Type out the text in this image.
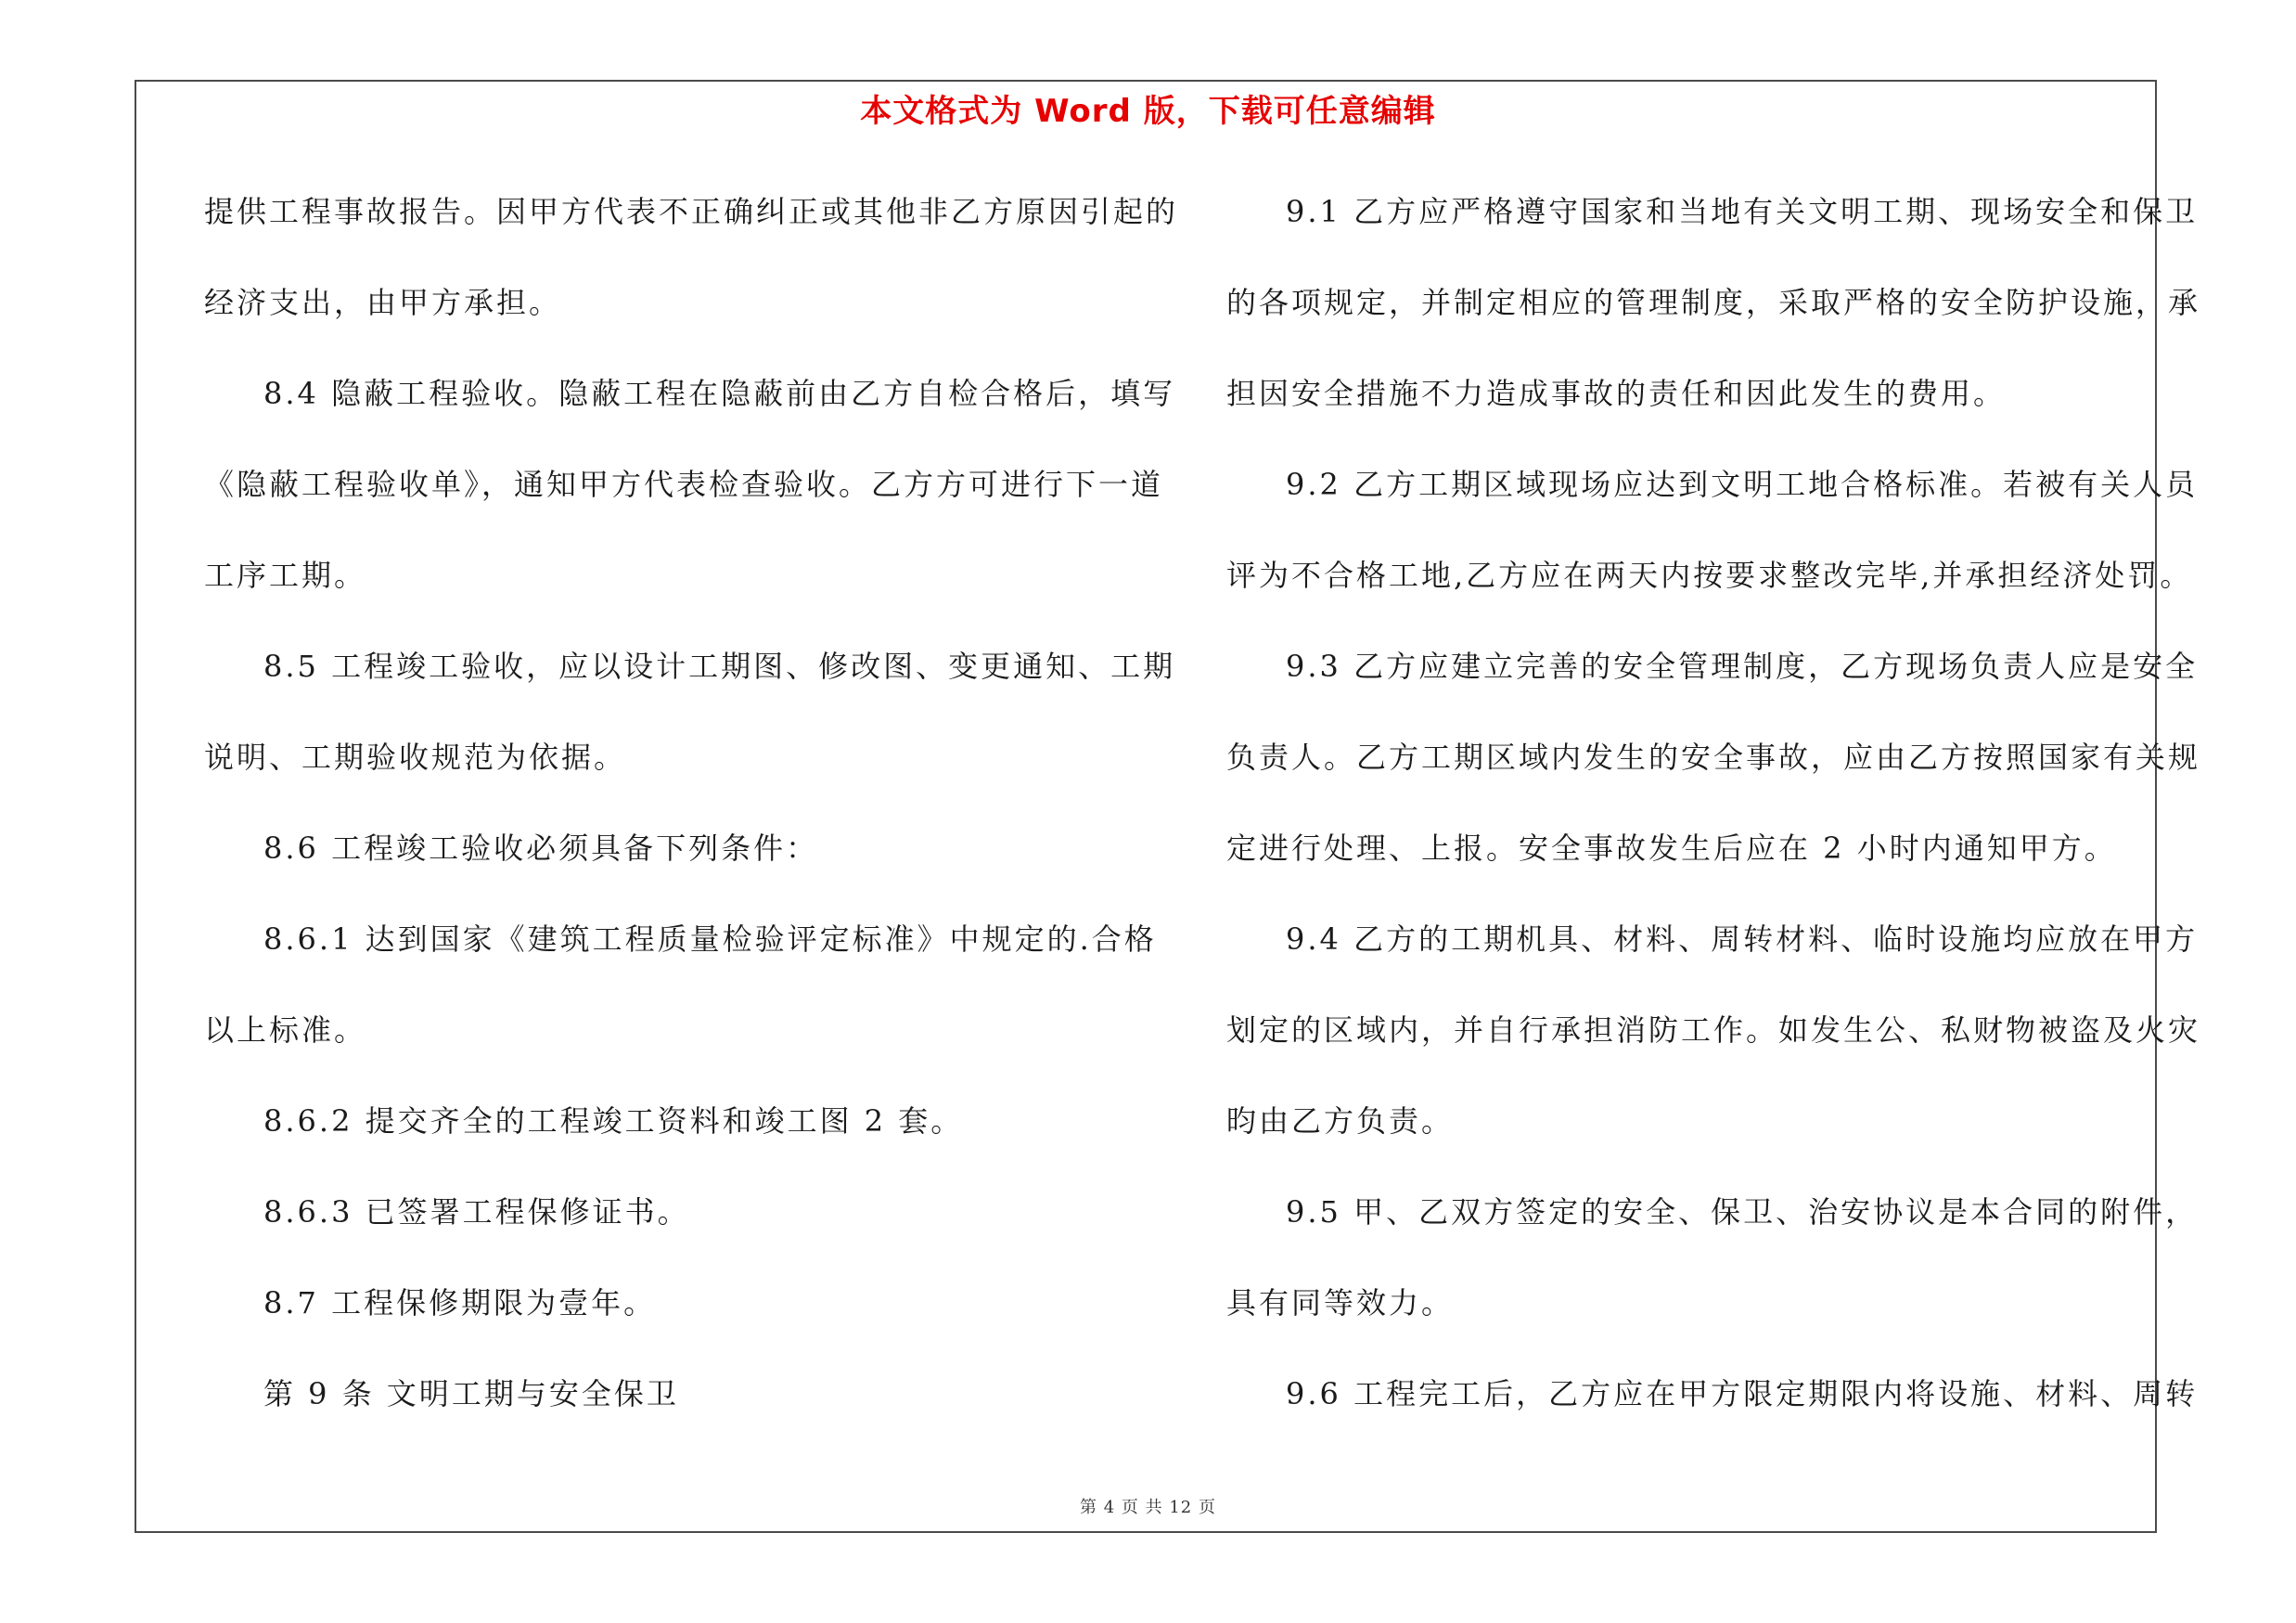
本文格式为 Word 版，下载可任意编辑
提供工程事故报告。因甲方代表不正确纠正或其他非乙方原因引起的
经济支出，由甲方承担。
8.4 隐蔽工程验收。隐蔽工程在隐蔽前由乙方自检合格后，填写
《隐蔽工程验收单》，通知甲方代表检查验收。乙方方可进行下一道
工序工期。
8.5 工程竣工验收，应以设计工期图、修改图、变更通知、工期
说明、工期验收规范为依据。
8.6 工程竣工验收必须具备下列条件：
8.6.1 达到国家《建筑工程质量检验评定标准》中规定的.合格
以上标准。
8.6.2 提交齐全的工程竣工资料和竣工图 2 套。
8.6.3 已签署工程保修证书。
8.7 工程保修期限为壹年。
第 9 条 文明工期与安全保卫
9.1 乙方应严格遵守国家和当地有关文明工期、现场安全和保卫
的各项规定，并制定相应的管理制度，采取严格的安全防护设施，承
担因安全措施不力造成事故的责任和因此发生的费用。
9.2 乙方工期区域现场应达到文明工地合格标准。若被有关人员
评为不合格工地,乙方应在两天内按要求整改完毕,并承担经济处罚。
9.3 乙方应建立完善的安全管理制度，乙方现场负责人应是安全
负责人。乙方工期区域内发生的安全事故，应由乙方按照国家有关规
定进行处理、上报。安全事故发生后应在 2 小时内通知甲方。
9.4 乙方的工期机具、材料、周转材料、临时设施均应放在甲方
划定的区域内，并自行承担消防工作。如发生公、私财物被盗及火灾
昀由乙方负责。
9.5 甲、乙双方签定的安全、保卫、治安协议是本合同的附件，
具有同等效力。
9.6 工程完工后，乙方应在甲方限定期限内将设施、材料、周转
第 4 页 共 12 页
